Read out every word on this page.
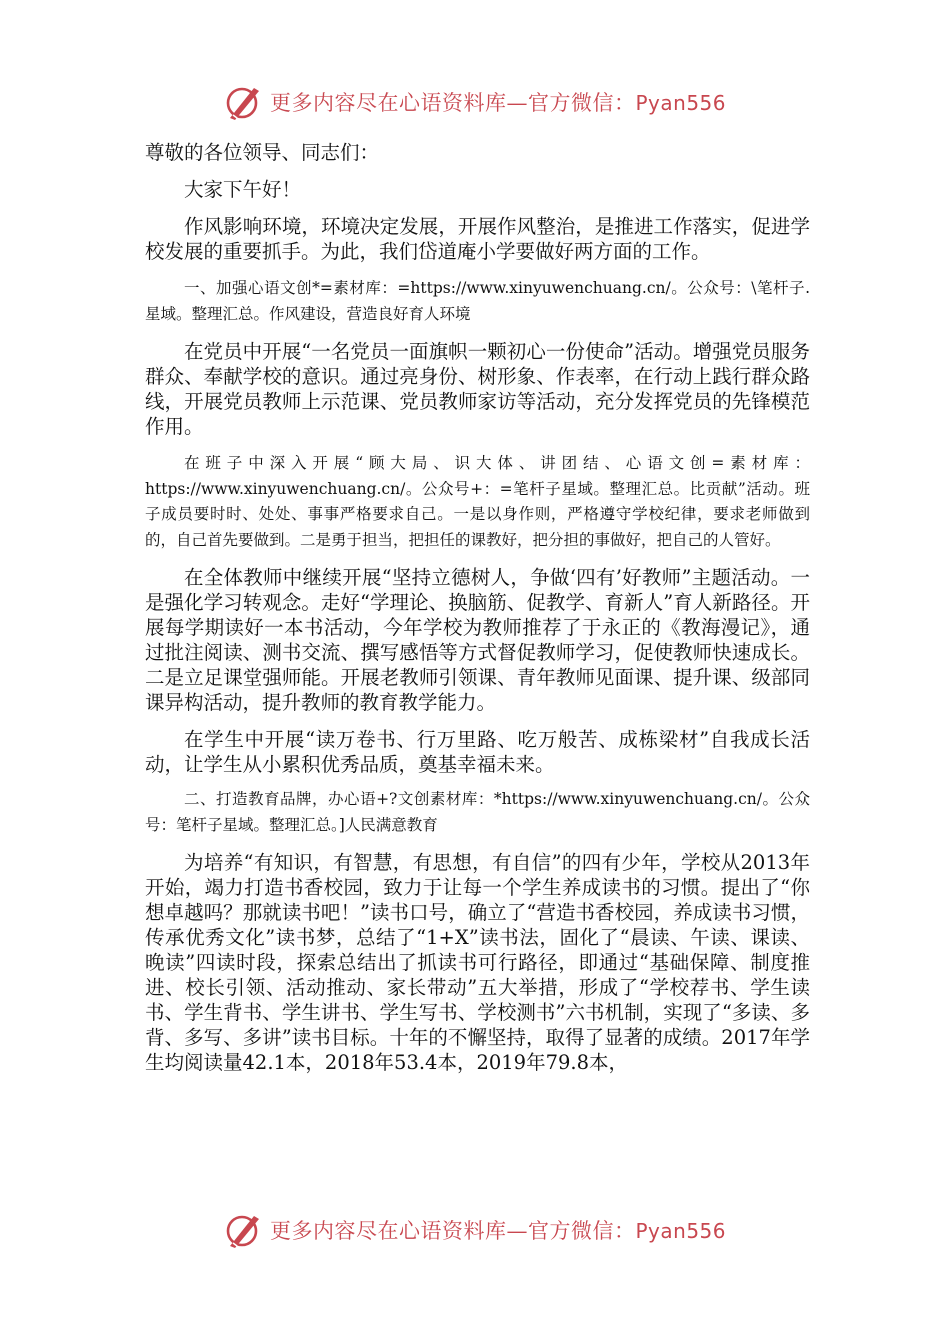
更多内容尽在心语资料库—官方微信：Pyan556

尊敬的各位领导、同志们：

大家下午好！

作风影响环境，环境决定发展，开展作风整治，是推进工作落实，促进学校发展的重要抓手。为此，我们岱道庵小学要做好两方面的工作。

一、加强心语文创*=素材库：=https://www.xinyuwenchuang.cn/。公众号：\笔杆子.星域。整理汇总。作风建设，营造良好育人环境

在党员中开展“一名党员一面旗帜一颗初心一份使命”活动。增强党员服务群众、奉献学校的意识。通过亮身份、树形象、作表率，在行动上践行群众路线，开展党员教师上示范课、党员教师家访等活动，充分发挥党员的先锋模范作用。

在班子中深入开展“顾大局、识大体、讲团结、心语文创=素材库：https://www.xinyuwenchuang.cn/。公众号+：=笔杆子星域。整理汇总。比贡献”活动。班子成员要时时、处处、事事严格要求自己。一是以身作则，严格遵守学校纪律，要求老师做到的，自己首先要做到。二是勇于担当，把担任的课教好，把分担的事做好，把自己的人管好。

在全体教师中继续开展“坚持立德树人，争做‘四有’好教师”主题活动。一是强化学习转观念。走好“学理论、换脑筋、促教学、育新人”育人新路径。开展每学期读好一本书活动，今年学校为教师推荐了于永正的《教海漫记》，通过批注阅读、测书交流、撰写感悟等方式督促教师学习，促使教师快速成长。二是立足课堂强师能。开展老教师引领课、青年教师见面课、提升课、级部同课异构活动，提升教师的教育教学能力。

在学生中开展“读万卷书、行万里路、吃万般苦、成栋梁材”自我成长活动，让学生从小累积优秀品质，奠基幸福未来。

二、打造教育品牌，办心语+?文创素材库：*https://www.xinyuwenchuang.cn/。公众号：笔杆子星域。整理汇总。]人民满意教育

为培养“有知识，有智慧，有思想，有自信”的四有少年，学校从2013年开始，竭力打造书香校园，致力于让每一个学生养成读书的习惯。提出了“你想卓越吗？那就读书吧！”读书口号，确立了“营造书香校园，养成读书习惯，传承优秀文化”读书梦，总结了“1+X”读书法，固化了“晨读、午读、课读、晚读”四读时段，探索总结出了抓读书可行路径，即通过“基础保障、制度推进、校长引领、活动推动、家长带动”五大举措，形成了“学校荐书、学生读书、学生背书、学生讲书、学生写书、学校测书”六书机制，实现了“多读、多背、多写、多讲”读书目标。十年的不懈坚持，取得了显著的成绩。2017年学生均阅读量42.1本，2018年53.4本，2019年79.8本，

更多内容尽在心语资料库—官方微信：Pyan556
